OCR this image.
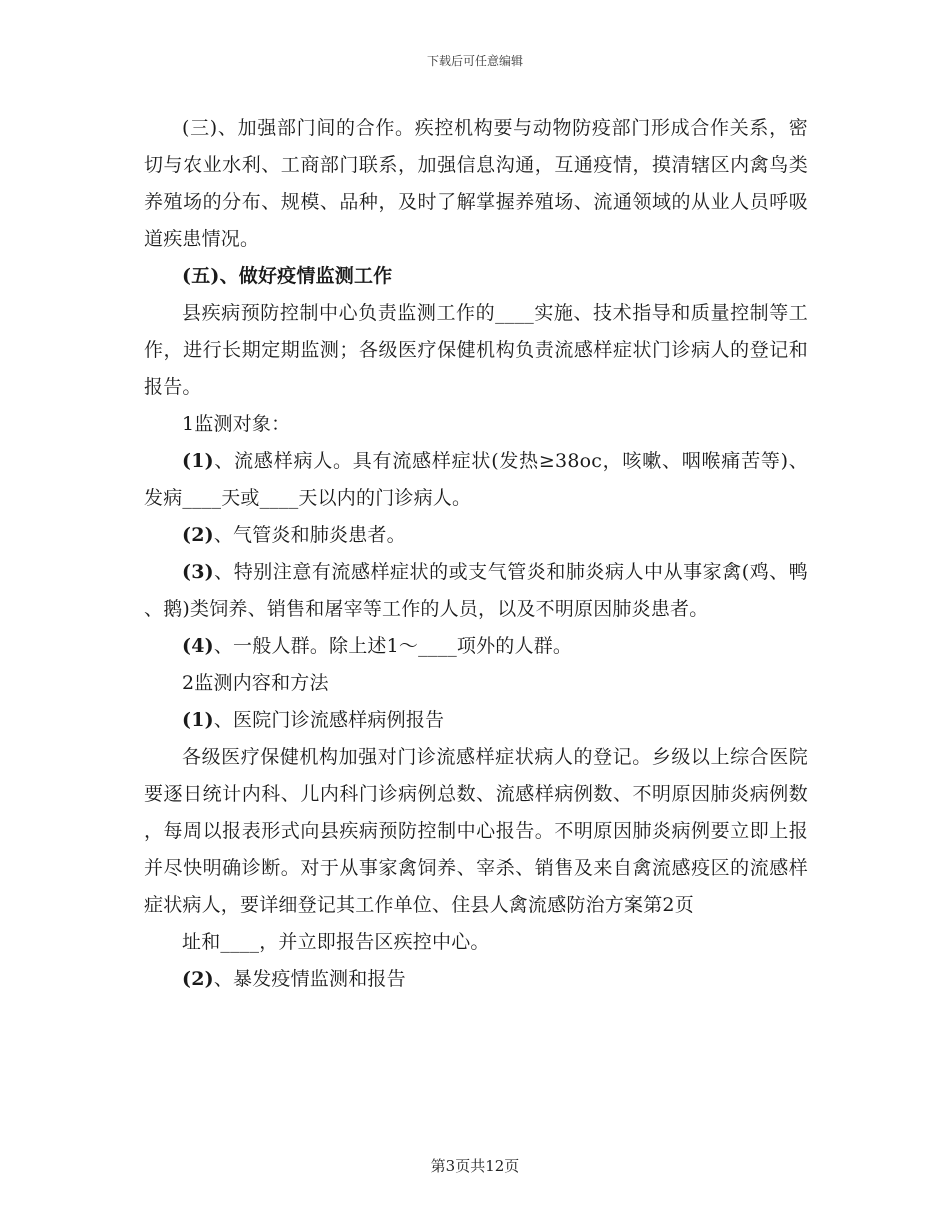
下载后可任意编辑

(三)、加强部门间的合作。疾控机构要与动物防疫部门形成合作关系，密切与农业水利、工商部门联系，加强信息沟通，互通疫情，摸清辖区内禽鸟类养殖场的分布、规模、品种，及时了解掌握养殖场、流通领域的从业人员呼吸道疾患情况。

(五)、做好疫情监测工作

县疾病预防控制中心负责监测工作的____实施、技术指导和质量控制等工作，进行长期定期监测；各级医疗保健机构负责流感样症状门诊病人的登记和报告。

1监测对象：

(1)、流感样病人。具有流感样症状(发热≥38oc，咳嗽、咽喉痛苦等)、发病____天或____天以内的门诊病人。

(2)、气管炎和肺炎患者。

(3)、特别注意有流感样症状的或支气管炎和肺炎病人中从事家禽(鸡、鸭、鹅)类饲养、销售和屠宰等工作的人员，以及不明原因肺炎患者。

(4)、一般人群。除上述1～____项外的人群。

2监测内容和方法

(1)、医院门诊流感样病例报告

各级医疗保健机构加强对门诊流感样症状病人的登记。乡级以上综合医院要逐日统计内科、儿内科门诊病例总数、流感样病例数、不明原因肺炎病例数，每周以报表形式向县疾病预防控制中心报告。不明原因肺炎病例要立即上报并尽快明确诊断。对于从事家禽饲养、宰杀、销售及来自禽流感疫区的流感样症状病人，要详细登记其工作单位、住县人禽流感防治方案第2页

址和____，并立即报告区疾控中心。

(2)、暴发疫情监测和报告

第3页共12页
